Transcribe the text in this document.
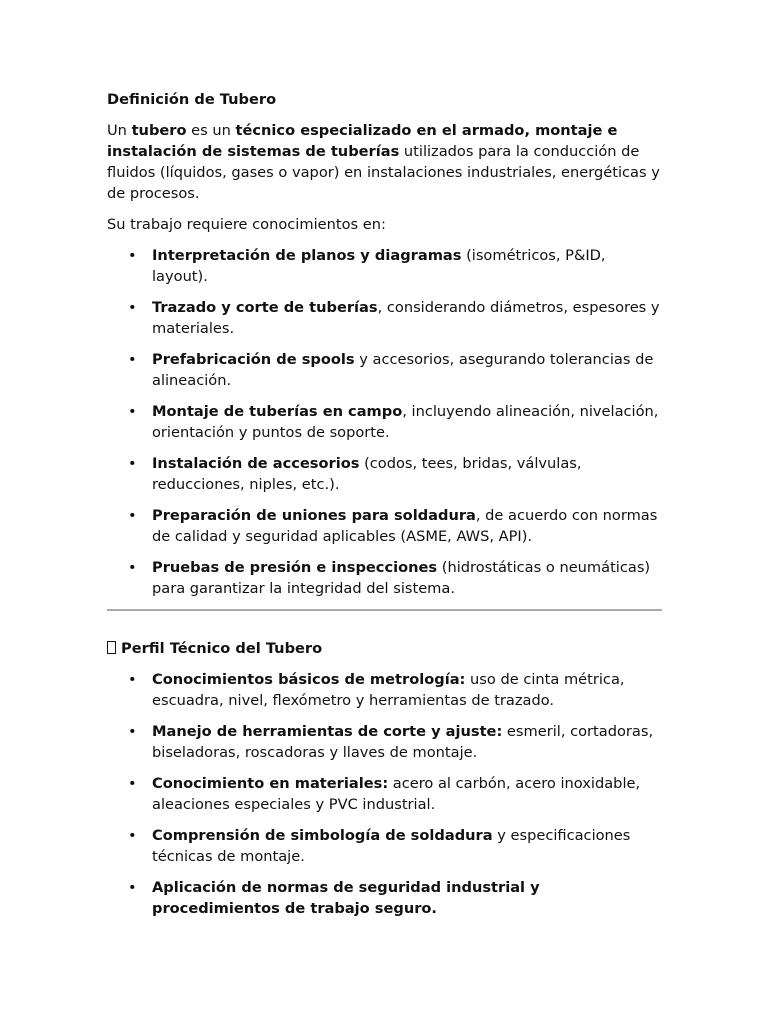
Definición de Tubero

Un tubero es un técnico especializado en el armado, montaje e instalación de sistemas de tuberías utilizados para la conducción de fluidos (líquidos, gases o vapor) en instalaciones industriales, energéticas y de procesos.

Su trabajo requiere conocimientos en:

• Interpretación de planos y diagramas (isométricos, P&ID, layout).
• Trazado y corte de tuberías, considerando diámetros, espesores y materiales.
• Prefabricación de spools y accesorios, asegurando tolerancias de alineación.
• Montaje de tuberías en campo, incluyendo alineación, nivelación, orientación y puntos de soporte.
• Instalación de accesorios (codos, tees, bridas, válvulas, reducciones, niples, etc.).
• Preparación de uniones para soldadura, de acuerdo con normas de calidad y seguridad aplicables (ASME, AWS, API).
• Pruebas de presión e inspecciones (hidrostáticas o neumáticas) para garantizar la integridad del sistema.
Perfil Técnico del Tubero
• Conocimientos básicos de metrología: uso de cinta métrica, escuadra, nivel, flexómetro y herramientas de trazado.
• Manejo de herramientas de corte y ajuste: esmeril, cortadoras, biseladoras, roscadoras y llaves de montaje.
• Conocimiento en materiales: acero al carbón, acero inoxidable, aleaciones especiales y PVC industrial.
• Comprensión de simbología de soldadura y especificaciones técnicas de montaje.
• Aplicación de normas de seguridad industrial y procedimientos de trabajo seguro.
